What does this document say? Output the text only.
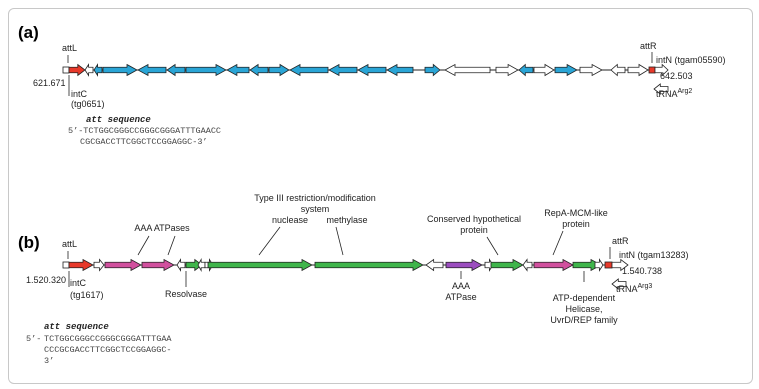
(a)
attL	attR
621.671
intC
(tg0651)
intN (tgam05590)
642.503
tRNA$^{Arg2}$
att sequence
5’-TCTGGCGGGCCGGGCGGGATTTGAACC
CGCGACCTTCGGCTCCGGAGGC-3’
(b) attL	attR
AAA ATPases
Type III restriction/modification
system
nuclease methylase	Conserved hypothetical
protein
RepA-MCM-like
protein
1.520.320 intC
(tg1617)	Resolvase
AAA
ATPase	ATP-dependent
Helicase,
UvrD/REP family
intN (tgam13283)
1.540.738
tRNA$^{Arg3}$
att sequence
5’- TCTGGCGGGCCGGGCGGGATTTGAA
CCCGCGACCTTCGGCTCCGGAGGC-
3’
